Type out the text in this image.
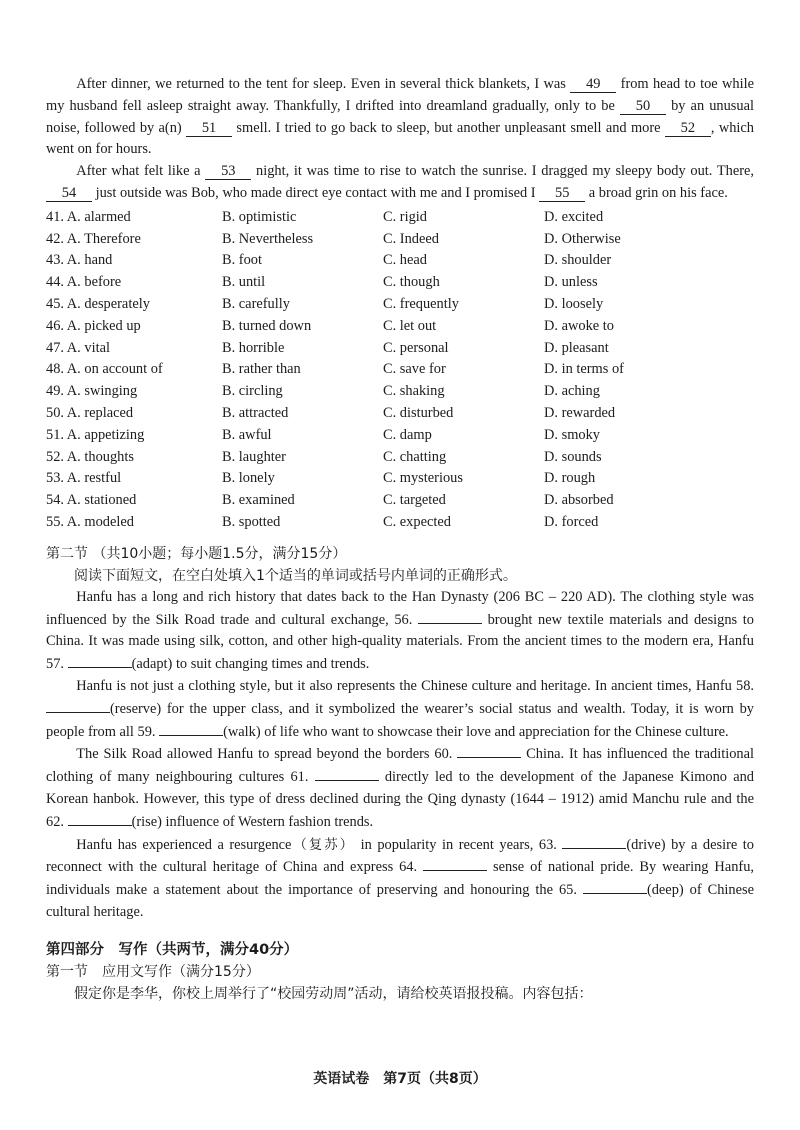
After dinner, we returned to the tent for sleep. Even in several thick blankets, I was 49 from head to toe while my husband fell asleep straight away. Thankfully, I drifted into dreamland gradually, only to be 50 by an unusual noise, followed by a(n) 51 smell. I tried to go back to sleep, but another unpleasant smell and more 52 , which went on for hours.

After what felt like a 53 night, it was time to rise to watch the sunrise. I dragged my sleepy body out. There, 54 just outside was Bob, who made direct eye contact with me and I promised I 55 a broad grin on his face.

41. A. alarmed	B. optimistic	C. rigid	D. excited
42. A. Therefore	B. Nevertheless	C. Indeed	D. Otherwise
43. A. hand	B. foot	C. head	D. shoulder
44. A. before	B. until	C. though	D. unless
45. A. desperately	B. carefully	C. frequently	D. loosely
46. A. picked up	B. turned down	C. let out	D. awoke to
47. A. vital	B. horrible	C. personal	D. pleasant
48. A. on account of	B. rather than	C. save for	D. in terms of
49. A. swinging	B. circling	C. shaking	D. aching
50. A. replaced	B. attracted	C. disturbed	D. rewarded
51. A. appetizing	B. awful	C. damp	D. smoky
52. A. thoughts	B. laughter	C. chatting	D. sounds
53. A. restful	B. lonely	C. mysterious	D. rough
54. A. stationed	B. examined	C. targeted	D. absorbed
55. A. modeled	B. spotted	C. expected	D. forced
第二节 （共10小题；每小题1.5分，满分15分）

阅读下面短文，在空白处填入1个适当的单词或括号内单词的正确形式。

Hanfu has a long and rich history that dates back to the Han Dynasty (206 BC – 220 AD). The clothing style was influenced by the Silk Road trade and cultural exchange, 56.	brought new textile materials and designs to China. It was made using silk, cotton, and other high-quality materials. From the ancient times to the modern era, Hanfu 57.	(adapt) to suit changing times and trends.

Hanfu is not just a clothing style, but it also represents the Chinese culture and heritage. In ancient times, Hanfu 58. (reserve) for the upper class, and it symbolized the wearer’s social status and wealth. Today, it is worn by people from all 59.	(walk) of life who want to showcase their love and appreciation for the Chinese culture.

The Silk Road allowed Hanfu to spread beyond the borders 60.	China. It has influenced the traditional clothing of many neighbouring cultures 61.	directly led to the development of the Japanese Kimono and Korean hanbok. However, this type of dress declined during the Qing dynasty (1644 – 1912) amid Manchu rule and the 62.	(rise) influence of Western fashion trends.

Hanfu has experienced a resurgence（复苏） in popularity in recent years, 63.	(drive) by a desire to reconnect with the cultural heritage of China and express 64.	sense of national pride. By wearing Hanfu, individuals make a statement about the importance of preserving and honouring the 65.	(deep) of Chinese cultural heritage.

第四部分　写作（共两节，满分40分）
第一节　应用文写作（满分15分）

假定你是李华，你校上周举行了“校园劳动周”活动，请给校英语报投稿。内容包括：

英语试卷　第7页（共8页）
